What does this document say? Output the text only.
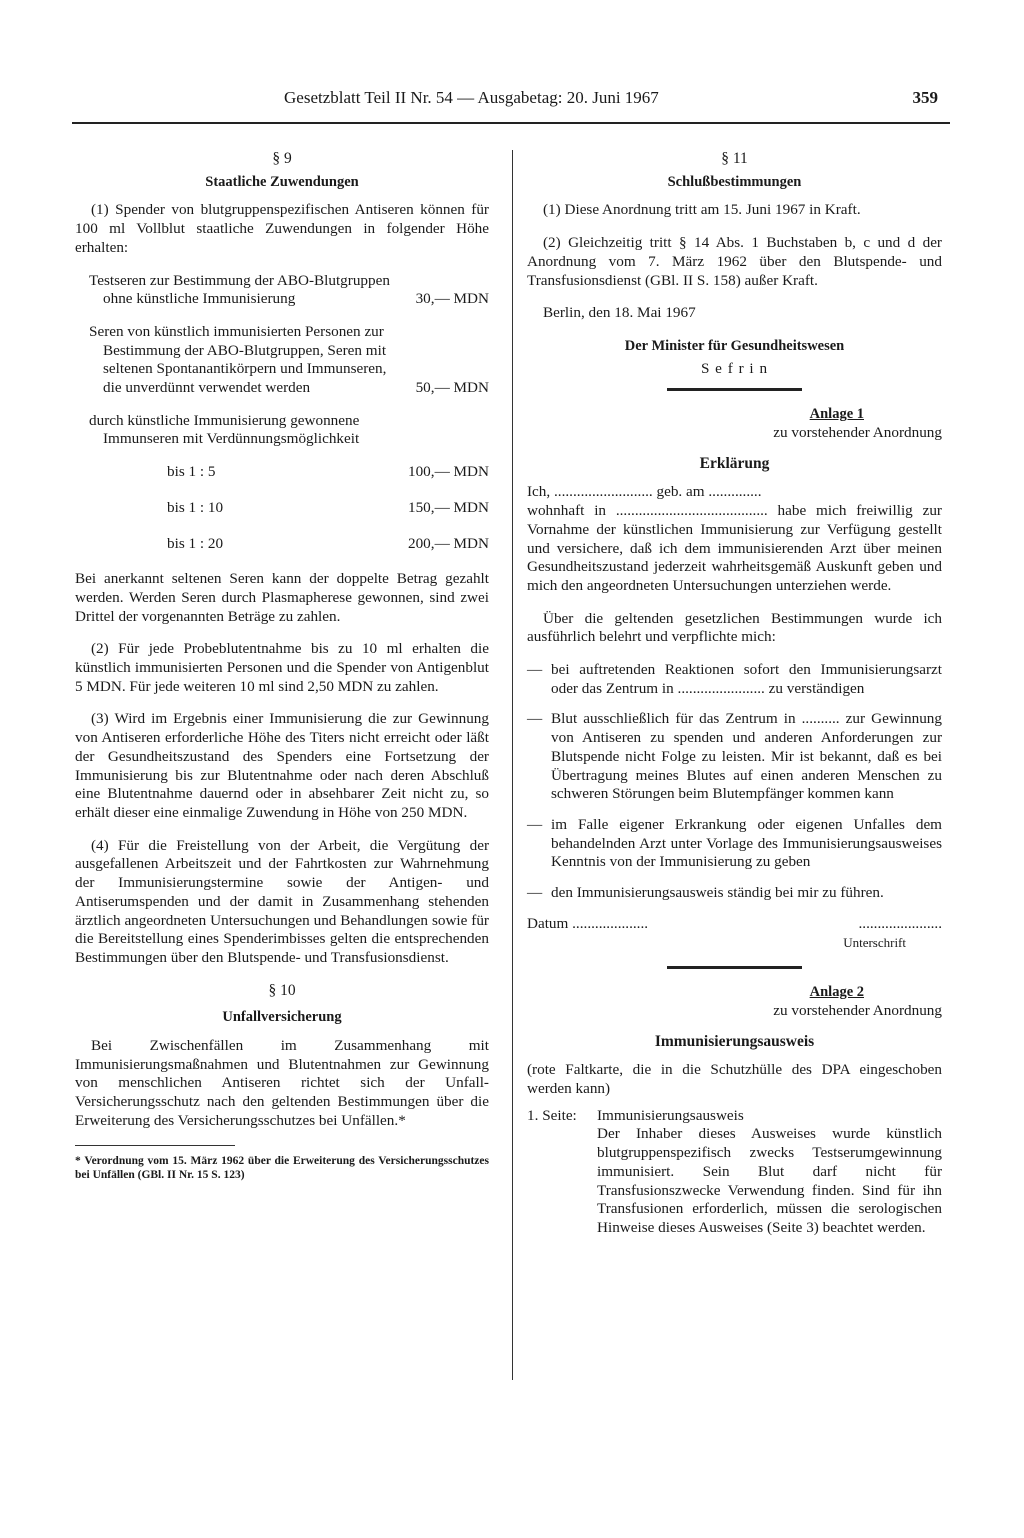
Gesetzblatt Teil II Nr. 54 — Ausgabetag: 20. Juni 1967	359
§ 9
Staatliche Zuwendungen

(1) Spender von blutgruppenspezifischen Antiseren können für 100 ml Vollblut staatliche Zuwendungen in folgender Höhe erhalten:

Testseren zur Bestimmung der ABO-Blutgruppen ohne künstliche Immunisierung	30,— MDN
Seren von künstlich immunisierten Personen zur Bestimmung der ABO-Blutgruppen, Seren mit seltenen Spontanantikörpern und Immunseren, die unverdünnt verwendet werden	50,— MDN
durch künstliche Immunisierung gewonnene Immunseren mit Verdünnungsmöglichkeit
bis 1 : 5	100,— MDN
bis 1 : 10	150,— MDN
bis 1 : 20	200,— MDN

Bei anerkannt seltenen Seren kann der doppelte Betrag gezahlt werden. Werden Seren durch Plasmapherese gewonnen, sind zwei Drittel der vorgenannten Beträge zu zahlen.

(2) Für jede Probeblutentnahme bis zu 10 ml erhalten die künstlich immunisierten Personen und die Spender von Antigenblut 5 MDN. Für jede weiteren 10 ml sind 2,50 MDN zu zahlen.

(3) Wird im Ergebnis einer Immunisierung die zur Gewinnung von Antiseren erforderliche Höhe des Titers nicht erreicht oder läßt der Gesundheitszustand des Spenders eine Fortsetzung der Immunisierung bis zur Blutentnahme oder nach deren Abschluß eine Blutentnahme dauernd oder in absehbarer Zeit nicht zu, so erhält dieser eine einmalige Zuwendung in Höhe von 250 MDN.

(4) Für die Freistellung von der Arbeit, die Vergütung der ausgefallenen Arbeitszeit und der Fahrtkosten zur Wahrnehmung der Immunisierungstermine sowie der Antigen- und Antiserumspenden und der damit in Zusammenhang stehenden ärztlich angeordneten Untersuchungen und Behandlungen sowie für die Bereitstellung eines Spenderimbisses gelten die entsprechenden Bestimmungen über den Blutspende- und Transfusionsdienst.

§ 10
Unfallversicherung

Bei Zwischenfällen im Zusammenhang mit Immunisierungsmaßnahmen und Blutentnahmen zur Gewinnung von menschlichen Antiseren richtet sich der Unfall-Versicherungsschutz nach den geltenden Bestimmungen über die Erweiterung des Versicherungsschutzes bei Unfällen.*

* Verordnung vom 15. März 1962 über die Erweiterung des Versicherungsschutzes bei Unfällen (GBl. II Nr. 15 S. 123)
§ 11
Schlußbestimmungen

(1) Diese Anordnung tritt am 15. Juni 1967 in Kraft.

(2) Gleichzeitig tritt § 14 Abs. 1 Buchstaben b, c und d der Anordnung vom 7. März 1962 über den Blutspende- und Transfusionsdienst (GBl. II S. 158) außer Kraft.

Berlin, den 18. Mai 1967

Der Minister für Gesundheitswesen
S e f r i n
Anlage 1
zu vorstehender Anordnung
Erklärung
Ich, .......................... geb. am ..............

wohnhaft in ........................................ habe mich freiwillig zur Vornahme der künstlichen Immunisierung zur Verfügung gestellt und versichere, daß ich dem immunisierenden Arzt über meinen Gesundheitszustand jederzeit wahrheitsgemäß Auskunft geben und mich den angeordneten Untersuchungen unterziehen werde.

Über die geltenden gesetzlichen Bestimmungen wurde ich ausführlich belehrt und verpflichte mich:

— bei auftretenden Reaktionen sofort den Immunisierungsarzt oder das Zentrum in ....................... zu verständigen
— Blut ausschließlich für das Zentrum in .......... zur Gewinnung von Antiseren zu spenden und anderen Anforderungen zur Blutspende nicht Folge zu leisten. Mir ist bekannt, daß es bei Übertragung meines Blutes auf einen anderen Menschen zu schweren Störungen beim Blutempfänger kommen kann
— im Falle eigener Erkrankung oder eigenen Unfalles dem behandelnden Arzt unter Vorlage des Immunisierungsausweises Kenntnis von der Immunisierung zu geben
— den Immunisierungsausweis ständig bei mir zu führen.
Datum ....................	......................
Unterschrift
Anlage 2
zu vorstehender Anordnung
Immunisierungsausweis

(rote Faltkarte, die in die Schutzhülle des DPA eingeschoben werden kann)

1. Seite:	Immunisierungsausweis
Der Inhaber dieses Ausweises wurde künstlich blutgruppenspezifisch zwecks Testserumgewinnung immunisiert. Sein Blut darf nicht für Transfusionszwecke Verwendung finden. Sind für ihn Transfusionen erforderlich, müssen die serologischen Hinweise dieses Ausweises (Seite 3) beachtet werden.
